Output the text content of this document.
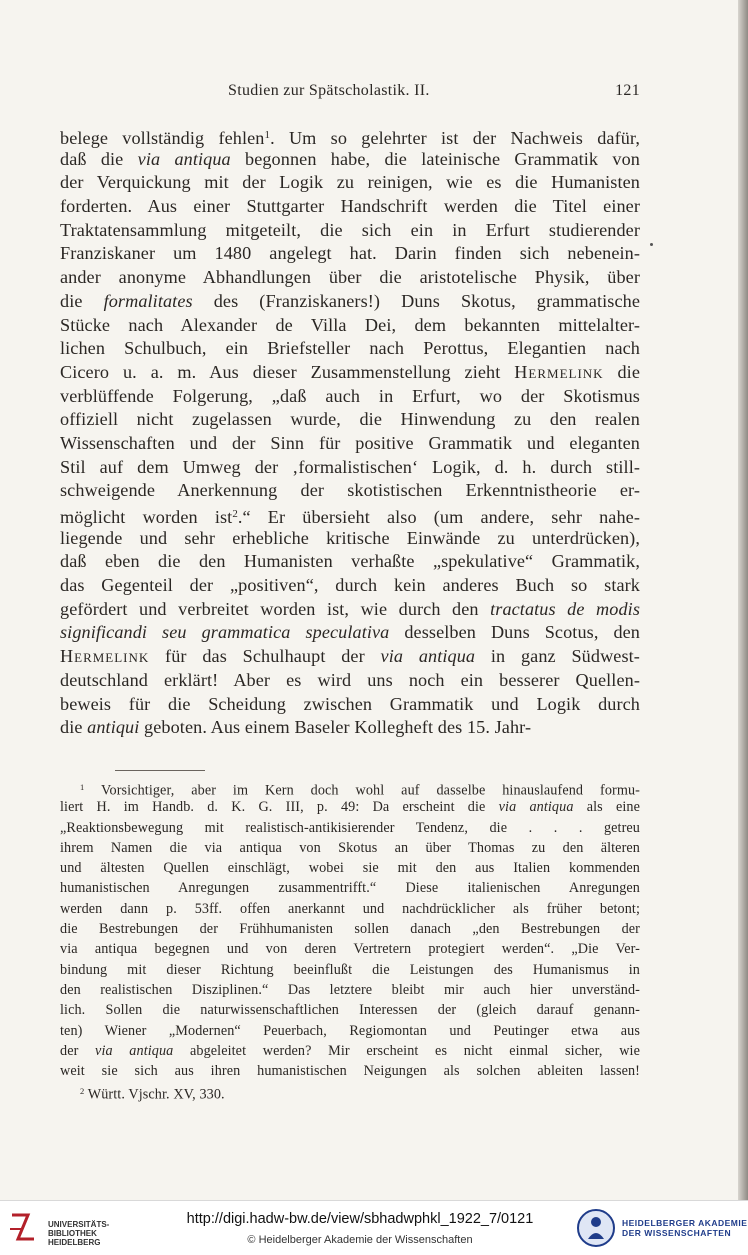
Studien zur Spätscholastik. II.	121
belege vollständig fehlen$^1$. Um so gelehrter ist der Nachweis dafür,
daß die via antiqua begonnen habe, die lateinische Grammatik von
der Verquickung mit der Logik zu reinigen, wie es die Humanisten
forderten. Aus einer Stuttgarter Handschrift werden die Titel einer
Traktatensammlung mitgeteilt, die sich ein in Erfurt studierender
Franziskaner um 1480 angelegt hat. Darin finden sich nebenein-
ander anonyme Abhandlungen über die aristotelische Physik, über
die formalitates des (Franziskaners!) Duns Skotus, grammatische
Stücke nach Alexander de Villa Dei, dem bekannten mittelalter-
lichen Schulbuch, ein Briefsteller nach Perottus, Elegantien nach
Cicero u. a. m. Aus dieser Zusammenstellung zieht Hermelink die
verblüffende Folgerung, „daß auch in Erfurt, wo der Skotismus
offiziell nicht zugelassen wurde, die Hinwendung zu den realen
Wissenschaften und der Sinn für positive Grammatik und eleganten
Stil auf dem Umweg der ‚formalistischen‘ Logik, d. h. durch still-
schweigende Anerkennung der skotistischen Erkenntnistheorie er-
möglicht worden ist$^2$.“ Er übersieht also (um andere, sehr nahe-
liegende und sehr erhebliche kritische Einwände zu unterdrücken),
daß eben die den Humanisten verhaßte „spekulative“ Grammatik,
das Gegenteil der „positiven“, durch kein anderes Buch so stark
gefördert und verbreitet worden ist, wie durch den tractatus de modis
significandi seu grammatica speculativa desselben Duns Scotus, den
Hermelink für das Schulhaupt der via antiqua in ganz Südwest-
deutschland erklärt! Aber es wird uns noch ein besserer Quellen-
beweis für die Scheidung zwischen Grammatik und Logik durch
die antiqui geboten. Aus einem Baseler Kollegheft des 15. Jahr-
$^1$ Vorsichtiger, aber im Kern doch wohl auf dasselbe hinauslaufend formu-
liert H. im Handb. d. K. G. III, p. 49: Da erscheint die via antiqua als eine
„Reaktionsbewegung mit realistisch-antikisierender Tendenz, die . . . getreu
ihrem Namen die via antiqua von Skotus an über Thomas zu den älteren
und ältesten Quellen einschlägt, wobei sie mit den aus Italien kommenden
humanistischen Anregungen zusammentrifft.“ Diese italienischen Anregungen
werden dann p. 53ff. offen anerkannt und nachdrücklicher als früher betont;
die Bestrebungen der Frühhumanisten sollen danach „den Bestrebungen der
via antiqua begegnen und von deren Vertretern protegiert werden“. „Die Ver-
bindung mit dieser Richtung beeinflußt die Leistungen des Humanismus in
den realistischen Disziplinen.“ Das letztere bleibt mir auch hier unverständ-
lich. Sollen die naturwissenschaftlichen Interessen der (gleich darauf genann-
ten) Wiener „Modernen“ Peuerbach, Regiomontan und Peutinger etwa aus
der via antiqua abgeleitet werden? Mir erscheint es nicht einmal sicher, wie
weit sie sich aus ihren humanistischen Neigungen als solchen ableiten lassen!
$^2$ Württ. Vjschr. XV, 330.
UNIVERSITÄTS-
BIBLIOTHEK
HEIDELBERG
http://digi.hadw-bw.de/view/sbhadwphkl_1922_7/0121
© Heidelberger Akademie der Wissenschaften
HEIDELBERGER AKADEMIE
DER WISSENSCHAFTEN
